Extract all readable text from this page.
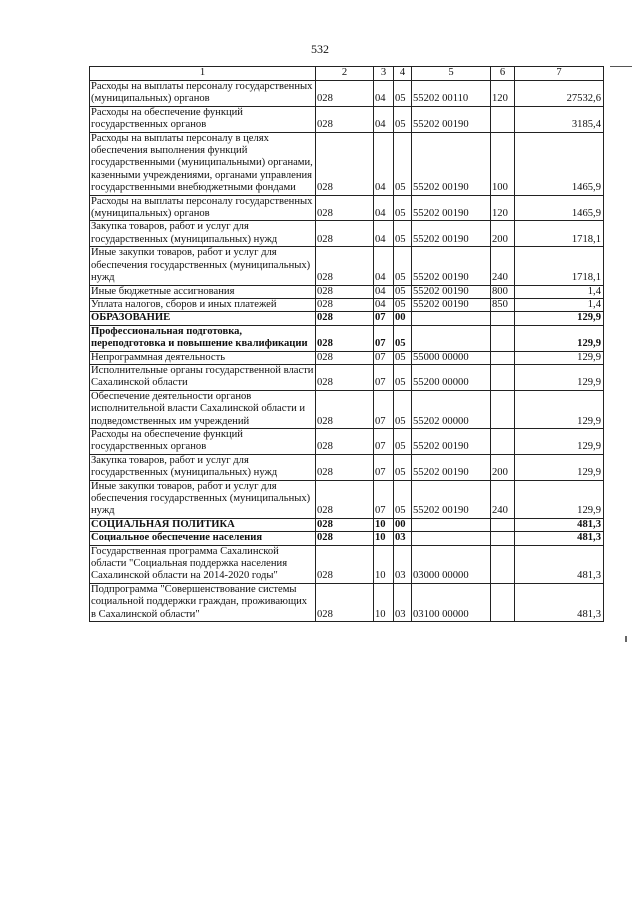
532
1	2	3	4	5	6	7
Расходы на выплаты персоналу государственных (муниципальных) органов	028	04	05	55202 00110	120	27532,6
Расходы на обеспечение функций государственных органов	028	04	05	55202 00190		3185,4
Расходы на выплаты персоналу в целях обеспечения выполнения функций государственными (муниципальными) органами, казенными учреждениями, органами управления государственными внебюджетными фондами	028	04	05	55202 00190	100	1465,9
Расходы на выплаты персоналу государственных (муниципальных) органов	028	04	05	55202 00190	120	1465,9
Закупка товаров, работ и услуг для государственных (муниципальных) нужд	028	04	05	55202 00190	200	1718,1
Иные закупки товаров, работ и услуг для обеспечения государственных (муниципальных) нужд	028	04	05	55202 00190	240	1718,1
Иные бюджетные ассигнования	028	04	05	55202 00190	800	1,4
Уплата налогов, сборов и иных платежей	028	04	05	55202 00190	850	1,4
ОБРАЗОВАНИЕ	028	07	00			129,9
Профессиональная подготовка, переподготовка и повышение квалификации	028	07	05			129,9
Непрограммная деятельность	028	07	05	55000 00000		129,9
Исполнительные органы государственной власти Сахалинской области	028	07	05	55200 00000		129,9
Обеспечение деятельности органов исполнительной власти Сахалинской области и подведомственных им учреждений	028	07	05	55202 00000		129,9
Расходы на обеспечение функций государственных органов	028	07	05	55202 00190		129,9
Закупка товаров, работ и услуг для государственных (муниципальных) нужд	028	07	05	55202 00190	200	129,9
Иные закупки товаров, работ и услуг для обеспечения государственных (муниципальных) нужд	028	07	05	55202 00190	240	129,9
СОЦИАЛЬНАЯ ПОЛИТИКА	028	10	00			481,3
Социальное обеспечение населения	028	10	03			481,3
Государственная программа Сахалинской области "Социальная поддержка населения Сахалинской области на 2014-2020 годы"	028	10	03	03000 00000		481,3
Подпрограмма "Совершенствование системы социальной поддержки граждан, проживающих в Сахалинской области"	028	10	03	03100 00000		481,3
